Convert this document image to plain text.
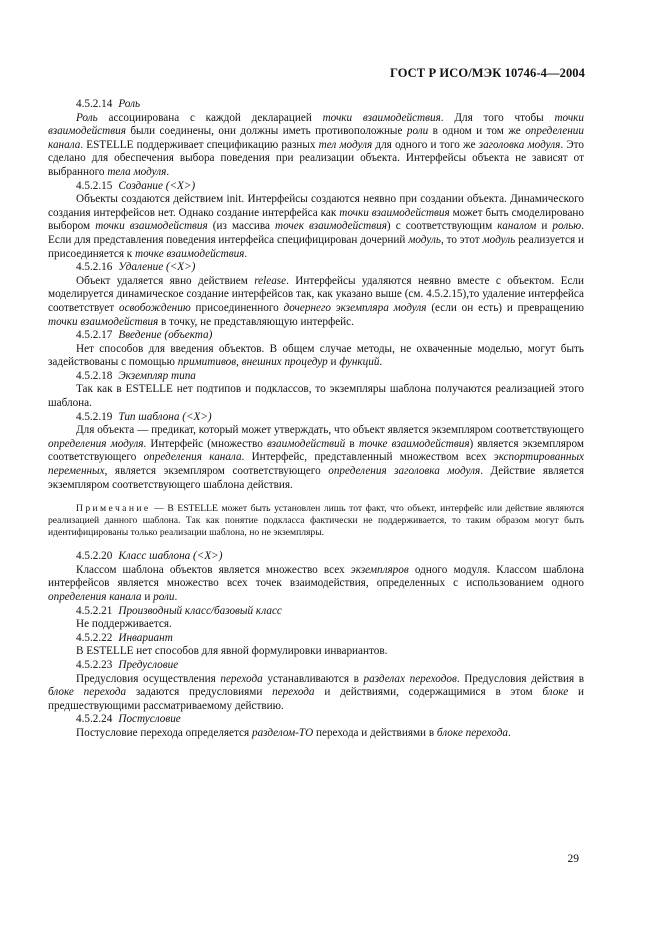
ГОСТ Р ИСО/МЭК 10746-4—2004

4.5.2.14 Роль

Роль ассоциирована с каждой декларацией точки взаимодействия. Для того чтобы точки взаимодействия были соединены, они должны иметь противоположные роли в одном и том же определении канала. ESTELLE поддерживает спецификацию разных тел модуля для одного и того же заголовка модуля. Это сделано для обеспечения выбора поведения при реализации объекта. Интерфейсы объекта не зависят от выбранного тела модуля.

4.5.2.15 Создание (<X>)

Объекты создаются действием init. Интерфейсы создаются неявно при создании объекта. Динамического создания интерфейсов нет. Однако создание интерфейса как точки взаимодействия может быть смоделировано выбором точки взаимодействия (из массива точек взаимодействия) с соответствующим каналом и ролью. Если для представления поведения интерфейса специфицирован дочерний модуль, то этот модуль реализуется и присоединяется к точке взаимодействия.

4.5.2.16 Удаление (<X>)

Объект удаляется явно действием release. Интерфейсы удаляются неявно вместе с объектом. Если моделируется динамическое создание интерфейсов так, как указано выше (см. 4.5.2.15),то удаление интерфейса соответствует освобождению присоединенного дочернего экземпляра модуля (если он есть) и превращению точки взаимодействия в точку, не представляющую интерфейс.

4.5.2.17 Введение (объекта)

Нет способов для введения объектов. В общем случае методы, не охваченные моделью, могут быть задействованы с помощью примитивов, внешних процедур и функций.

4.5.2.18 Экземпляр типа

Так как в ESTELLE нет подтипов и подклассов, то экземпляры шаблона получаются реализацией этого шаблона.

4.5.2.19 Тип шаблона (<X>)

Для объекта — предикат, который может утверждать, что объект является экземпляром соответствующего определения модуля. Интерфейс (множество взаимодействий в точке взаимодействия) является экземпляром соответствующего определения канала. Интерфейс, представленный множеством всех экспортированных переменных, является экземпляром соответствующего определения заголовка модуля. Действие является экземпляром соответствующего шаблона действия.

Примечание — В ESTELLE может быть установлен лишь тот факт, что объект, интерфейс или действие являются реализацией данного шаблона. Так как понятие подкласса фактически не поддерживается, то таким образом могут быть идентифицированы только реализации шаблона, но не экземпляры.

4.5.2.20 Класс шаблона (<X>)

Классом шаблона объектов является множество всех экземпляров одного модуля. Классом шаблона интерфейсов является множество всех точек взаимодействия, определенных с использованием одного определения канала и роли.

4.5.2.21 Производный класс/базовый класс

Не поддерживается.

4.5.2.22 Инвариант

В ESTELLE нет способов для явной формулировки инвариантов.

4.5.2.23 Предусловие

Предусловия осуществления перехода устанавливаются в разделах переходов. Предусловия действия в блоке перехода задаются предусловиями перехода и действиями, содержащимися в этом блоке и предшествующими рассматриваемому действию.

4.5.2.24 Постусловие

Постусловие перехода определяется разделом-ТО перехода и действиями в блоке перехода.

29
